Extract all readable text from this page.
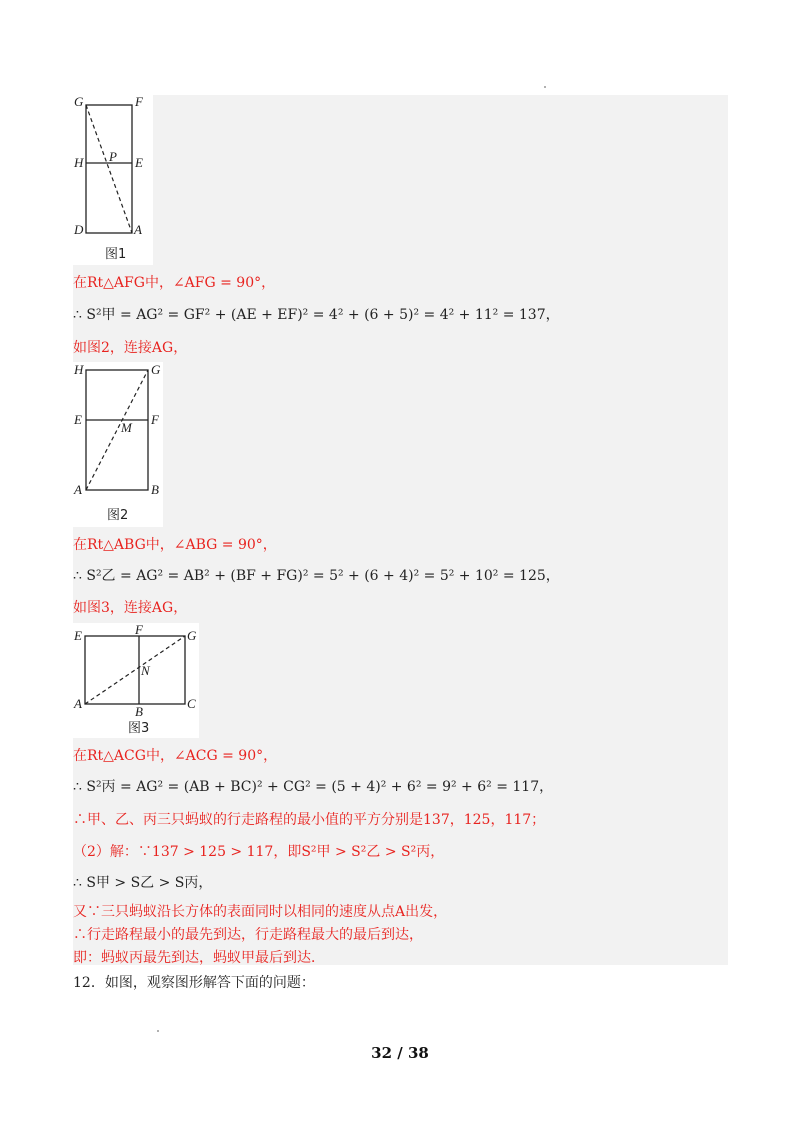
G	F
H P E
D	A
图1
在Rt△AFG中，∠AFG = 90°，
∴ S²甲 = AG² = GF² + (AE + EF)² = 4² + (6 + 5)² = 4² + 11² = 137，
如图2，连接AG，
H	G
E
M
F
A	B
图2
在Rt△ABG中，∠ABG = 90°，
∴ S²乙 = AG² = AB² + (BF + FG)² = 5² + (6 + 4)² = 5² + 10² = 125，
如图3，连接AG，
E	F	G
N
A
B
C
图3
在Rt△ACG中，∠ACG = 90°，
∴ S²丙 = AG² = (AB + BC)² + CG² = (5 + 4)² + 6² = 9² + 6² = 117，
∴甲、乙、丙三只蚂蚁的行走路程的最小值的平方分别是137，125，117；
（2）解：∵137 > 125 > 117，即S²甲 > S²乙 > S²丙，
∴ S甲 > S乙 > S丙，
又∵三只蚂蚁沿长方体的表面同时以相同的速度从点A出发，
∴行走路程最小的最先到达，行走路程最大的最后到达，
即：蚂蚁丙最先到达，蚂蚁甲最后到达．
12．如图，观察图形解答下面的问题：
32 / 38
